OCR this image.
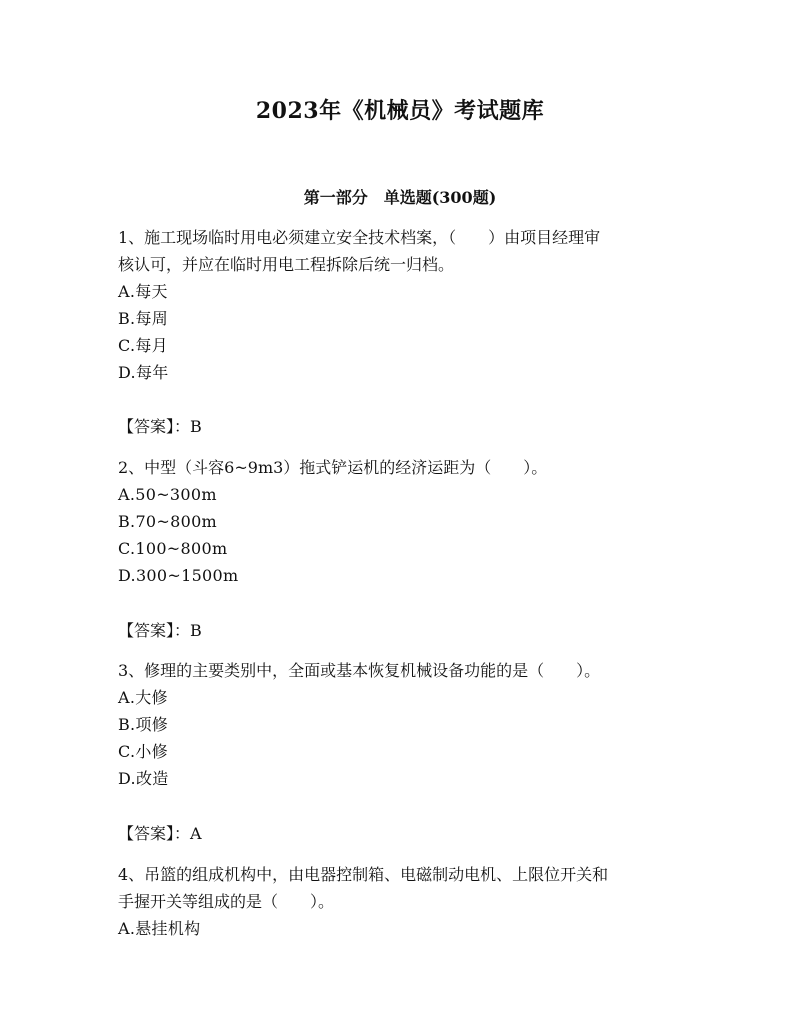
2023年《机械员》考试题库
第一部分　单选题(300题)
1、施工现场临时用电必须建立安全技术档案，（　　）由项目经理审
核认可，并应在临时用电工程拆除后统一归档。
A.每天
B.每周
C.每月
D.每年
【答案】：B
2、中型（斗容6~9m3）拖式铲运机的经济运距为（　　）。
A.50~300m
B.70~800m
C.100~800m
D.300~1500m
【答案】：B
3、修理的主要类别中，全面或基本恢复机械设备功能的是（　　）。
A.大修
B.项修
C.小修
D.改造
【答案】：A
4、吊篮的组成机构中，由电器控制箱、电磁制动电机、上限位开关和
手握开关等组成的是（　　）。
A.悬挂机构
